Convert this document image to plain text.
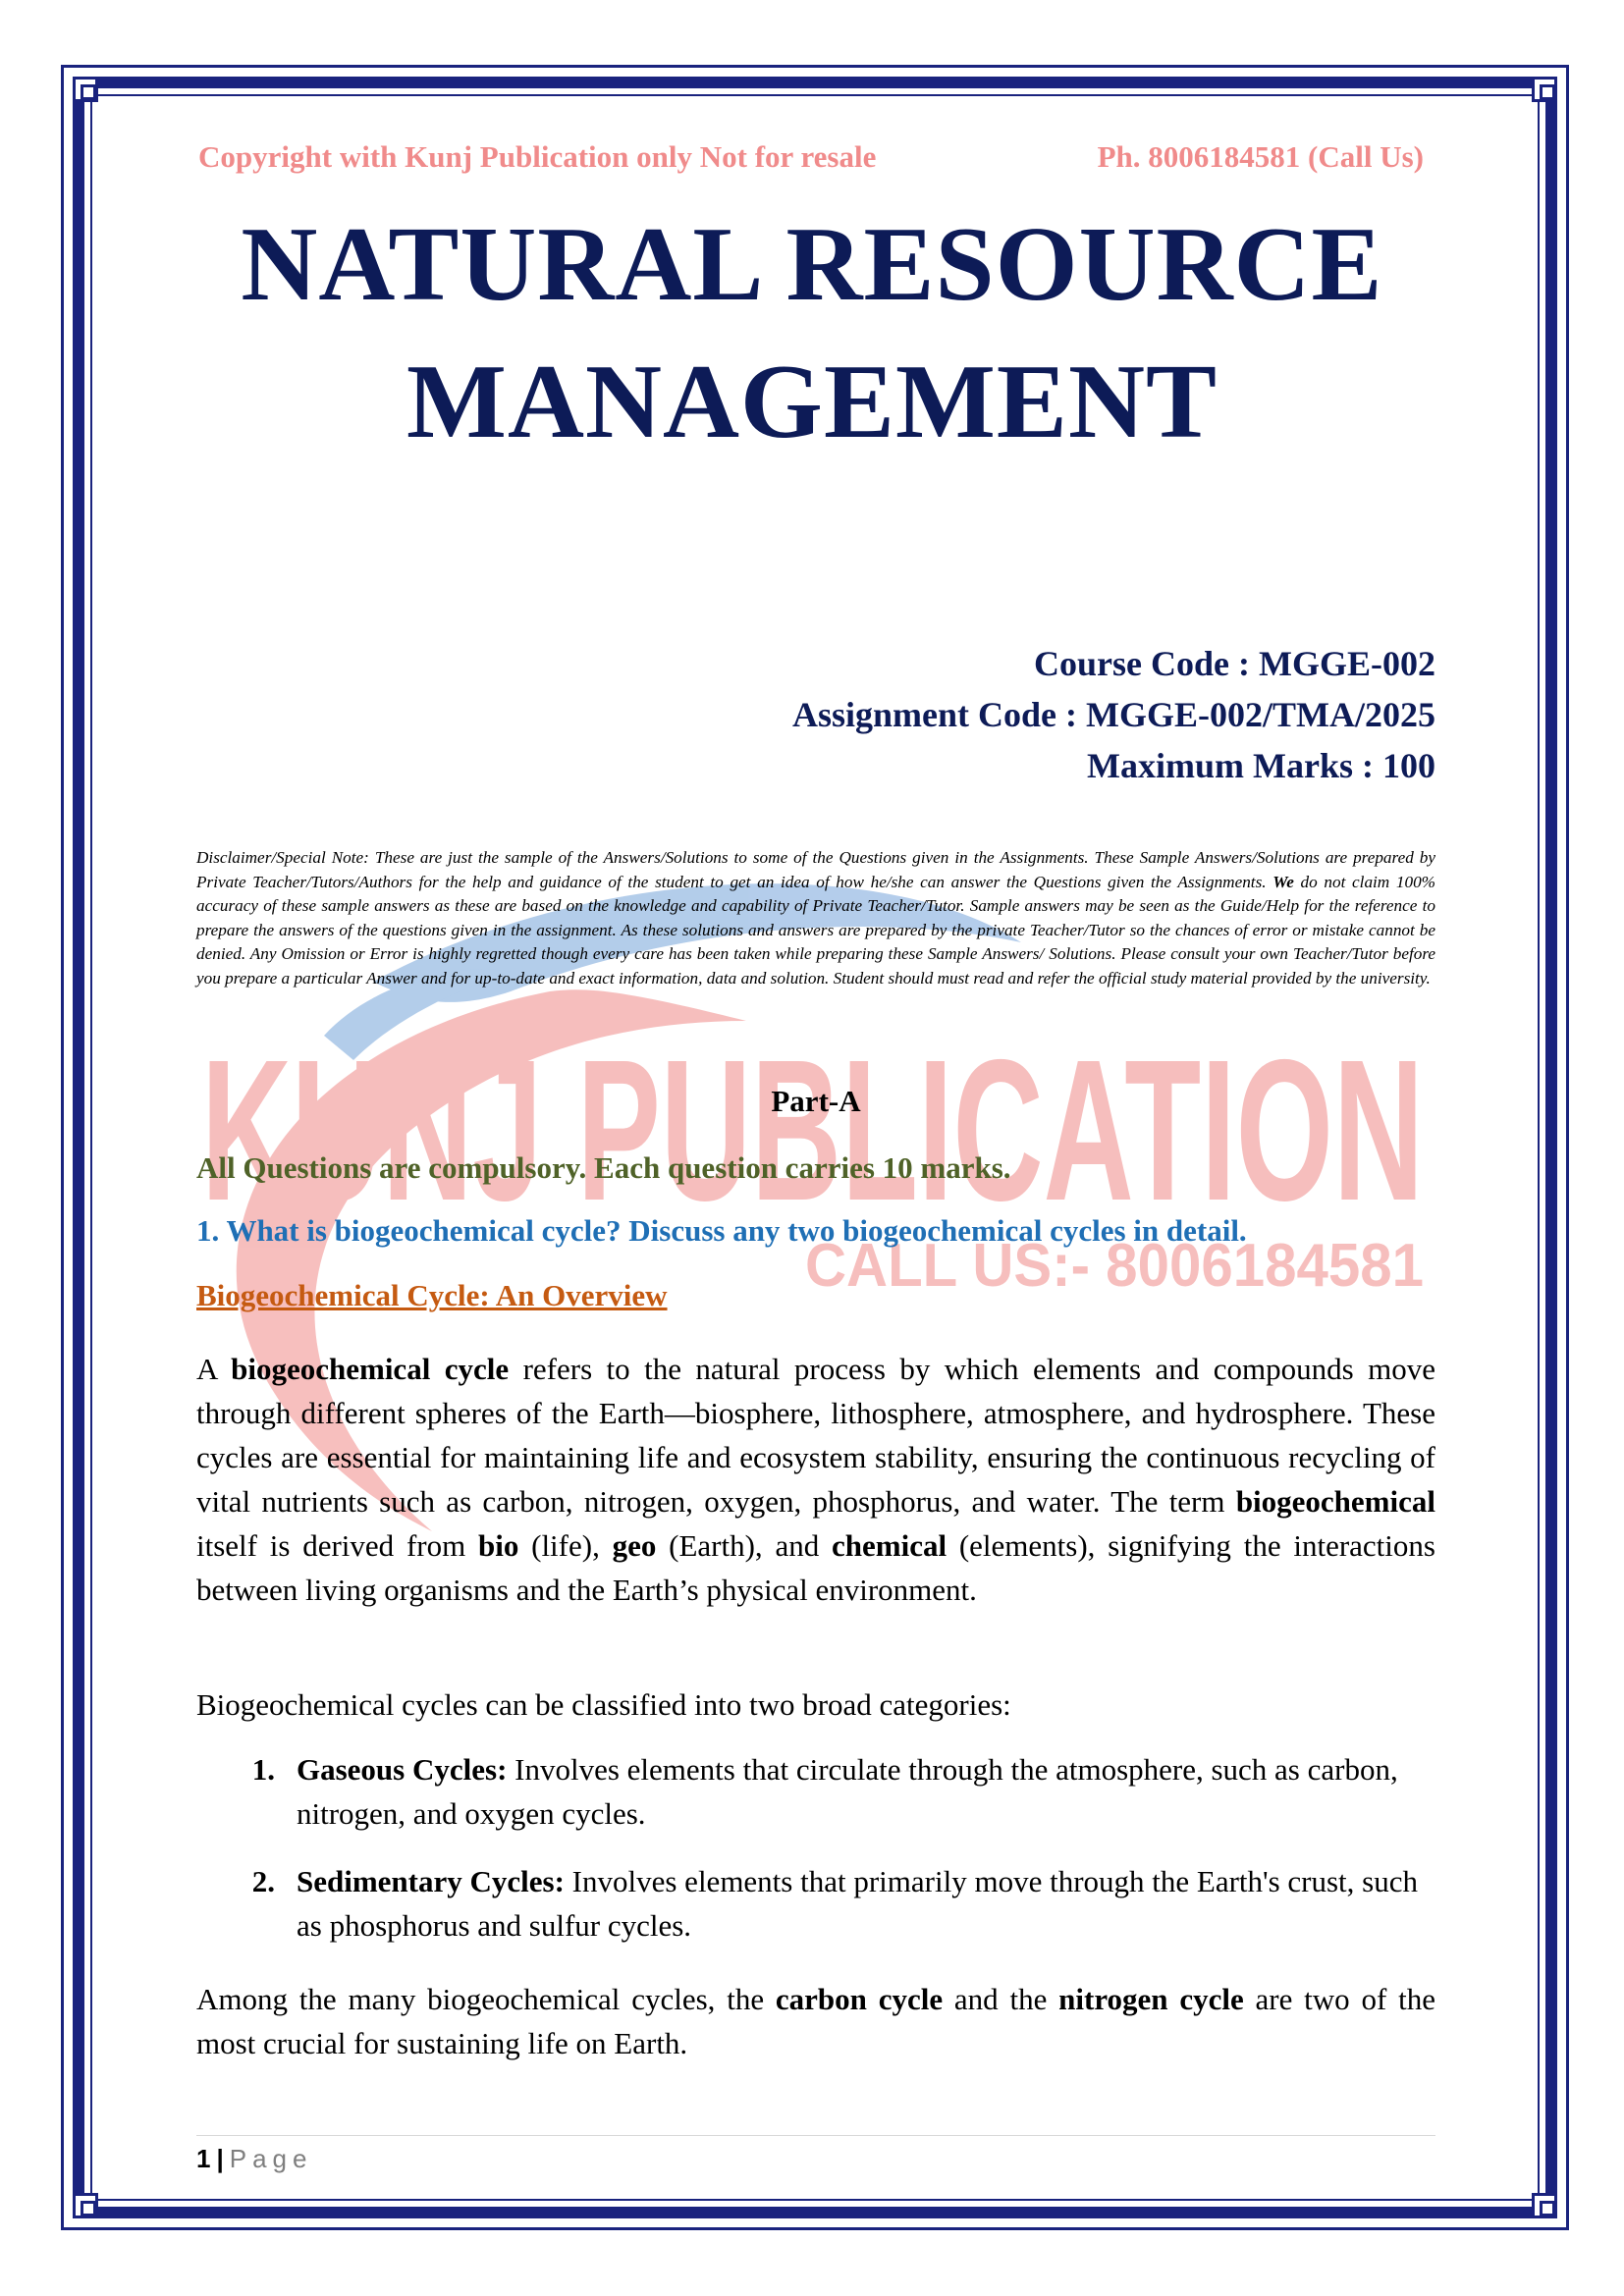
KUNJ PUBLICATION
CALL US:- 8006184581
Copyright with Kunj Publication only Not for resale	Ph. 8006184581 (Call Us)
NATURAL RESOURCE
MANAGEMENT
Course Code : MGGE-002
Assignment Code : MGGE-002/TMA/2025
Maximum Marks : 100
Disclaimer/Special Note: These are just the sample of the Answers/Solutions to some of the Questions given in the Assignments. These Sample Answers/Solutions are prepared by Private Teacher/Tutors/Authors for the help and guidance of the student to get an idea of how he/she can answer the Questions given the Assignments. We do not claim 100% accuracy of these sample answers as these are based on the knowledge and capability of Private Teacher/Tutor. Sample answers may be seen as the Guide/Help for the reference to prepare the answers of the questions given in the assignment. As these solutions and answers are prepared by the private Teacher/Tutor so the chances of error or mistake cannot be denied. Any Omission or Error is highly regretted though every care has been taken while preparing these Sample Answers/ Solutions. Please consult your own Teacher/Tutor before you prepare a particular Answer and for up-to-date and exact information, data and solution. Student should must read and refer the official study material provided by the university.
Part-A
All Questions are compulsory. Each question carries 10 marks.
1. What is biogeochemical cycle? Discuss any two biogeochemical cycles in detail.
Biogeochemical Cycle: An Overview

A biogeochemical cycle refers to the natural process by which elements and compounds move through different spheres of the Earth—biosphere, lithosphere, atmosphere, and hydrosphere. These cycles are essential for maintaining life and ecosystem stability, ensuring the continuous recycling of vital nutrients such as carbon, nitrogen, oxygen, phosphorus, and water. The term biogeochemical itself is derived from bio (life), geo (Earth), and chemical (elements), signifying the interactions between living organisms and the Earth’s physical environment.

Biogeochemical cycles can be classified into two broad categories:

1. Gaseous Cycles: Involves elements that circulate through the atmosphere, such as carbon, nitrogen, and oxygen cycles.
2. Sedimentary Cycles: Involves elements that primarily move through the Earth's crust, such as phosphorus and sulfur cycles.

Among the many biogeochemical cycles, the carbon cycle and the nitrogen cycle are two of the most crucial for sustaining life on Earth.

1 | Page
